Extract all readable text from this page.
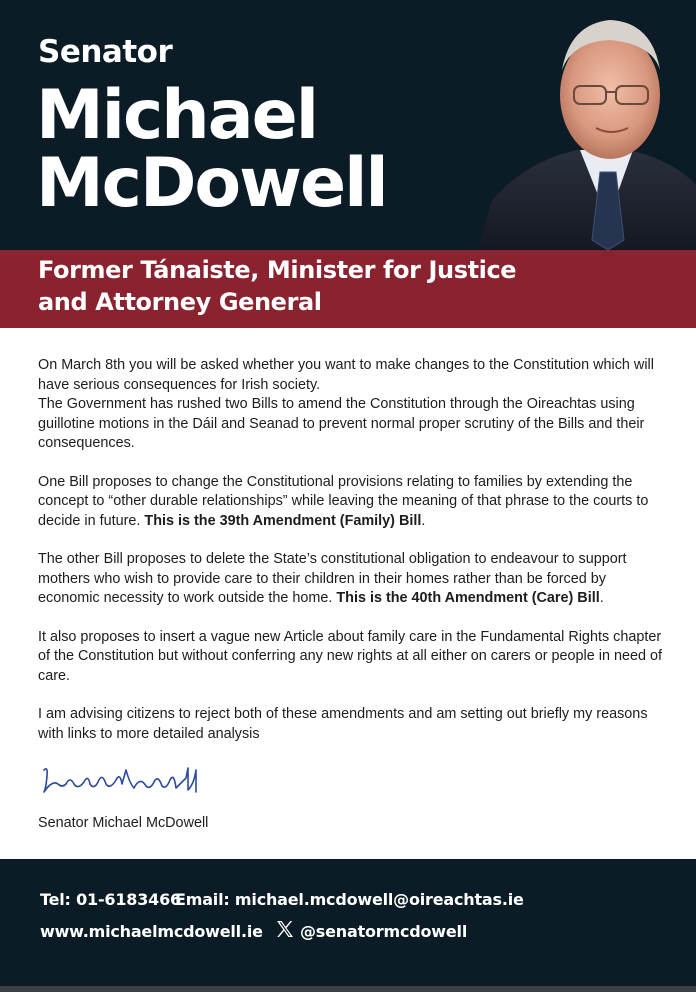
Senator
Michael
McDowell
Former Tánaiste, Minister for Justice
and Attorney General

On March 8th you will be asked whether you want to make changes to the Constitution which will have serious consequences for Irish society.
The Government has rushed two Bills to amend the Constitution through the Oireachtas using guillotine motions in the Dáil and Seanad to prevent normal proper scrutiny of the Bills and their consequences.

One Bill proposes to change the Constitutional provisions relating to families by extending the concept to “other durable relationships” while leaving the meaning of that phrase to the courts to decide in future. This is the 39th Amendment (Family) Bill.

The other Bill proposes to delete the State’s constitutional obligation to endeavour to support mothers who wish to provide care to their children in their homes rather than be forced by economic necessity to work outside the home. This is the 40th Amendment (Care) Bill.

It also proposes to insert a vague new Article about family care in the Fundamental Rights chapter of the Constitution but without conferring any new rights at all either on carers or people in need of care.

I am advising citizens to reject both of these amendments and am setting out briefly my reasons with links to more detailed analysis

Senator Michael McDowell
Tel: 01-6183466
Email: michael.mcdowell@oireachtas.ie
www.michaelmcdowell.ie @senatormcdowell
